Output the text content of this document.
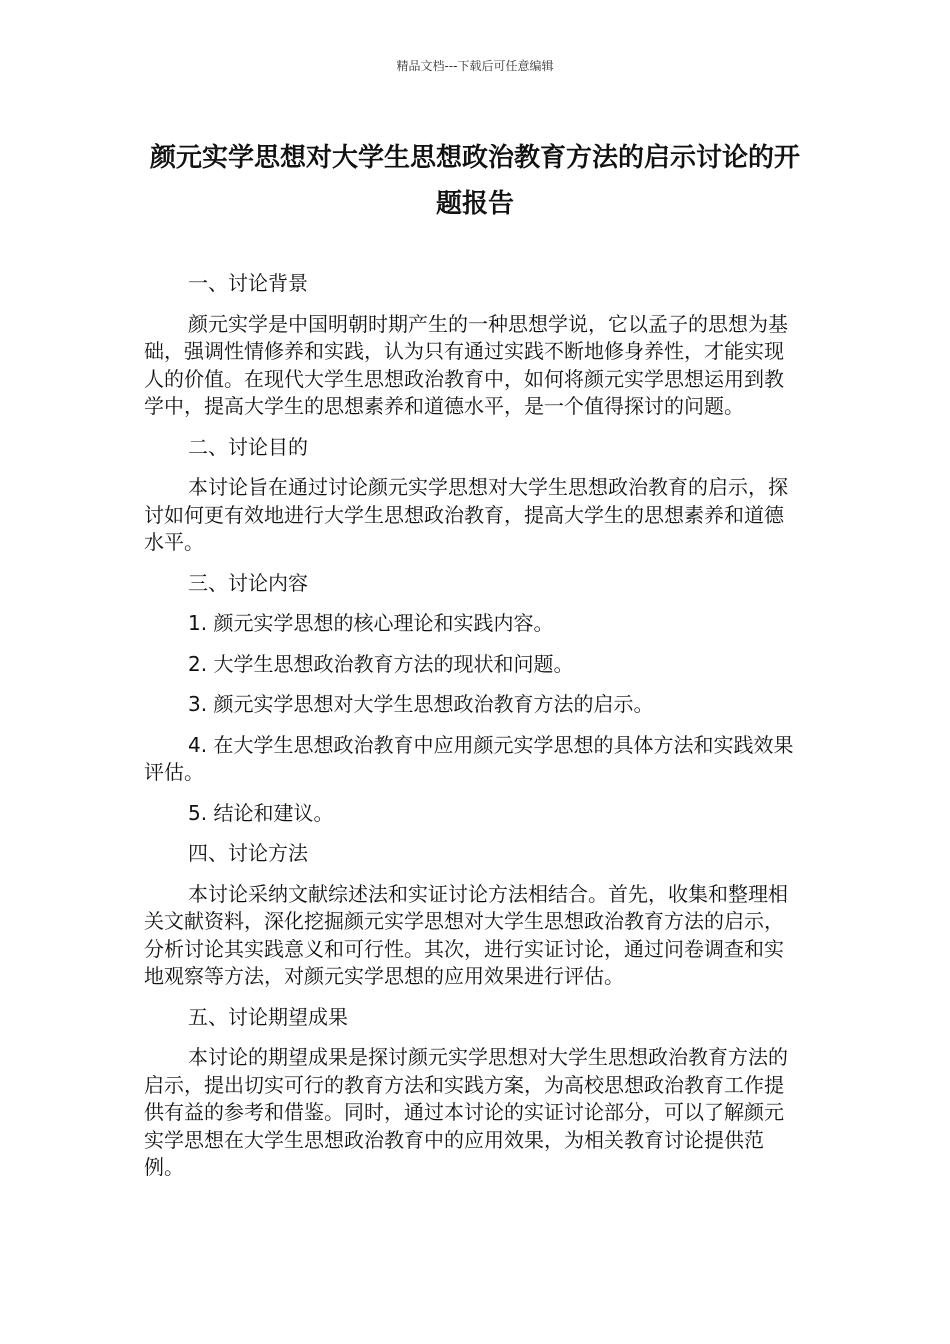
精品文档---下载后可任意编辑
颜元实学思想对大学生思想政治教育方法的启示讨论的开题报告

一、讨论背景

颜元实学是中国明朝时期产生的一种思想学说，它以孟子的思想为基础，强调性情修养和实践，认为只有通过实践不断地修身养性，才能实现人的价值。在现代大学生思想政治教育中，如何将颜元实学思想运用到教学中，提高大学生的思想素养和道德水平，是一个值得探讨的问题。

二、讨论目的

本讨论旨在通过讨论颜元实学思想对大学生思想政治教育的启示，探讨如何更有效地进行大学生思想政治教育，提高大学生的思想素养和道德水平。

三、讨论内容

1. 颜元实学思想的核心理论和实践内容。

2. 大学生思想政治教育方法的现状和问题。

3. 颜元实学思想对大学生思想政治教育方法的启示。

4. 在大学生思想政治教育中应用颜元实学思想的具体方法和实践效果评估。

5. 结论和建议。

四、讨论方法

本讨论采纳文献综述法和实证讨论方法相结合。首先，收集和整理相关文献资料，深化挖掘颜元实学思想对大学生思想政治教育方法的启示，分析讨论其实践意义和可行性。其次，进行实证讨论，通过问卷调查和实地观察等方法，对颜元实学思想的应用效果进行评估。

五、讨论期望成果

本讨论的期望成果是探讨颜元实学思想对大学生思想政治教育方法的启示，提出切实可行的教育方法和实践方案，为高校思想政治教育工作提供有益的参考和借鉴。同时，通过本讨论的实证讨论部分，可以了解颜元实学思想在大学生思想政治教育中的应用效果，为相关教育讨论提供范例。
